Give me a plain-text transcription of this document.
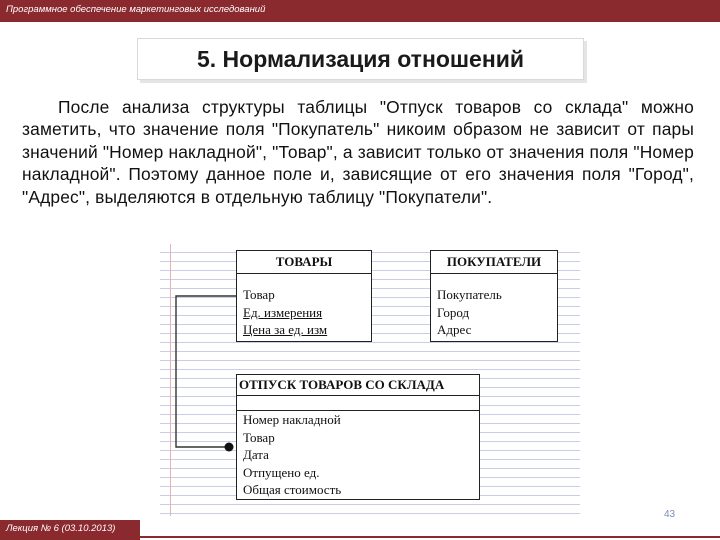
Программное обеспечение маркетинговых исследований
5. Нормализация отношений
После анализа структуры таблицы "Отпуск товаров со склада" можно заметить, что значение поля "Покупатель" никоим образом не зависит от пары значений "Номер накладной", "Товар", а зависит только от значения поля "Номер накладной". Поэтому данное поле и, зависящие от его значения поля "Город", "Адрес", выделяются в отдельную таблицу "Покупатели".
ТОВАРЫ
Товар
Ед. измерения
Цена за ед. изм
ПОКУПАТЕЛИ
Покупатель
Город
Адрес
ОТПУСК ТОВАРОВ СО СКЛАДА
Номер накладной
Товар
Дата
Отпущено ед.
Общая стоимость
43
Лекция № 6 (03.10.2013)
